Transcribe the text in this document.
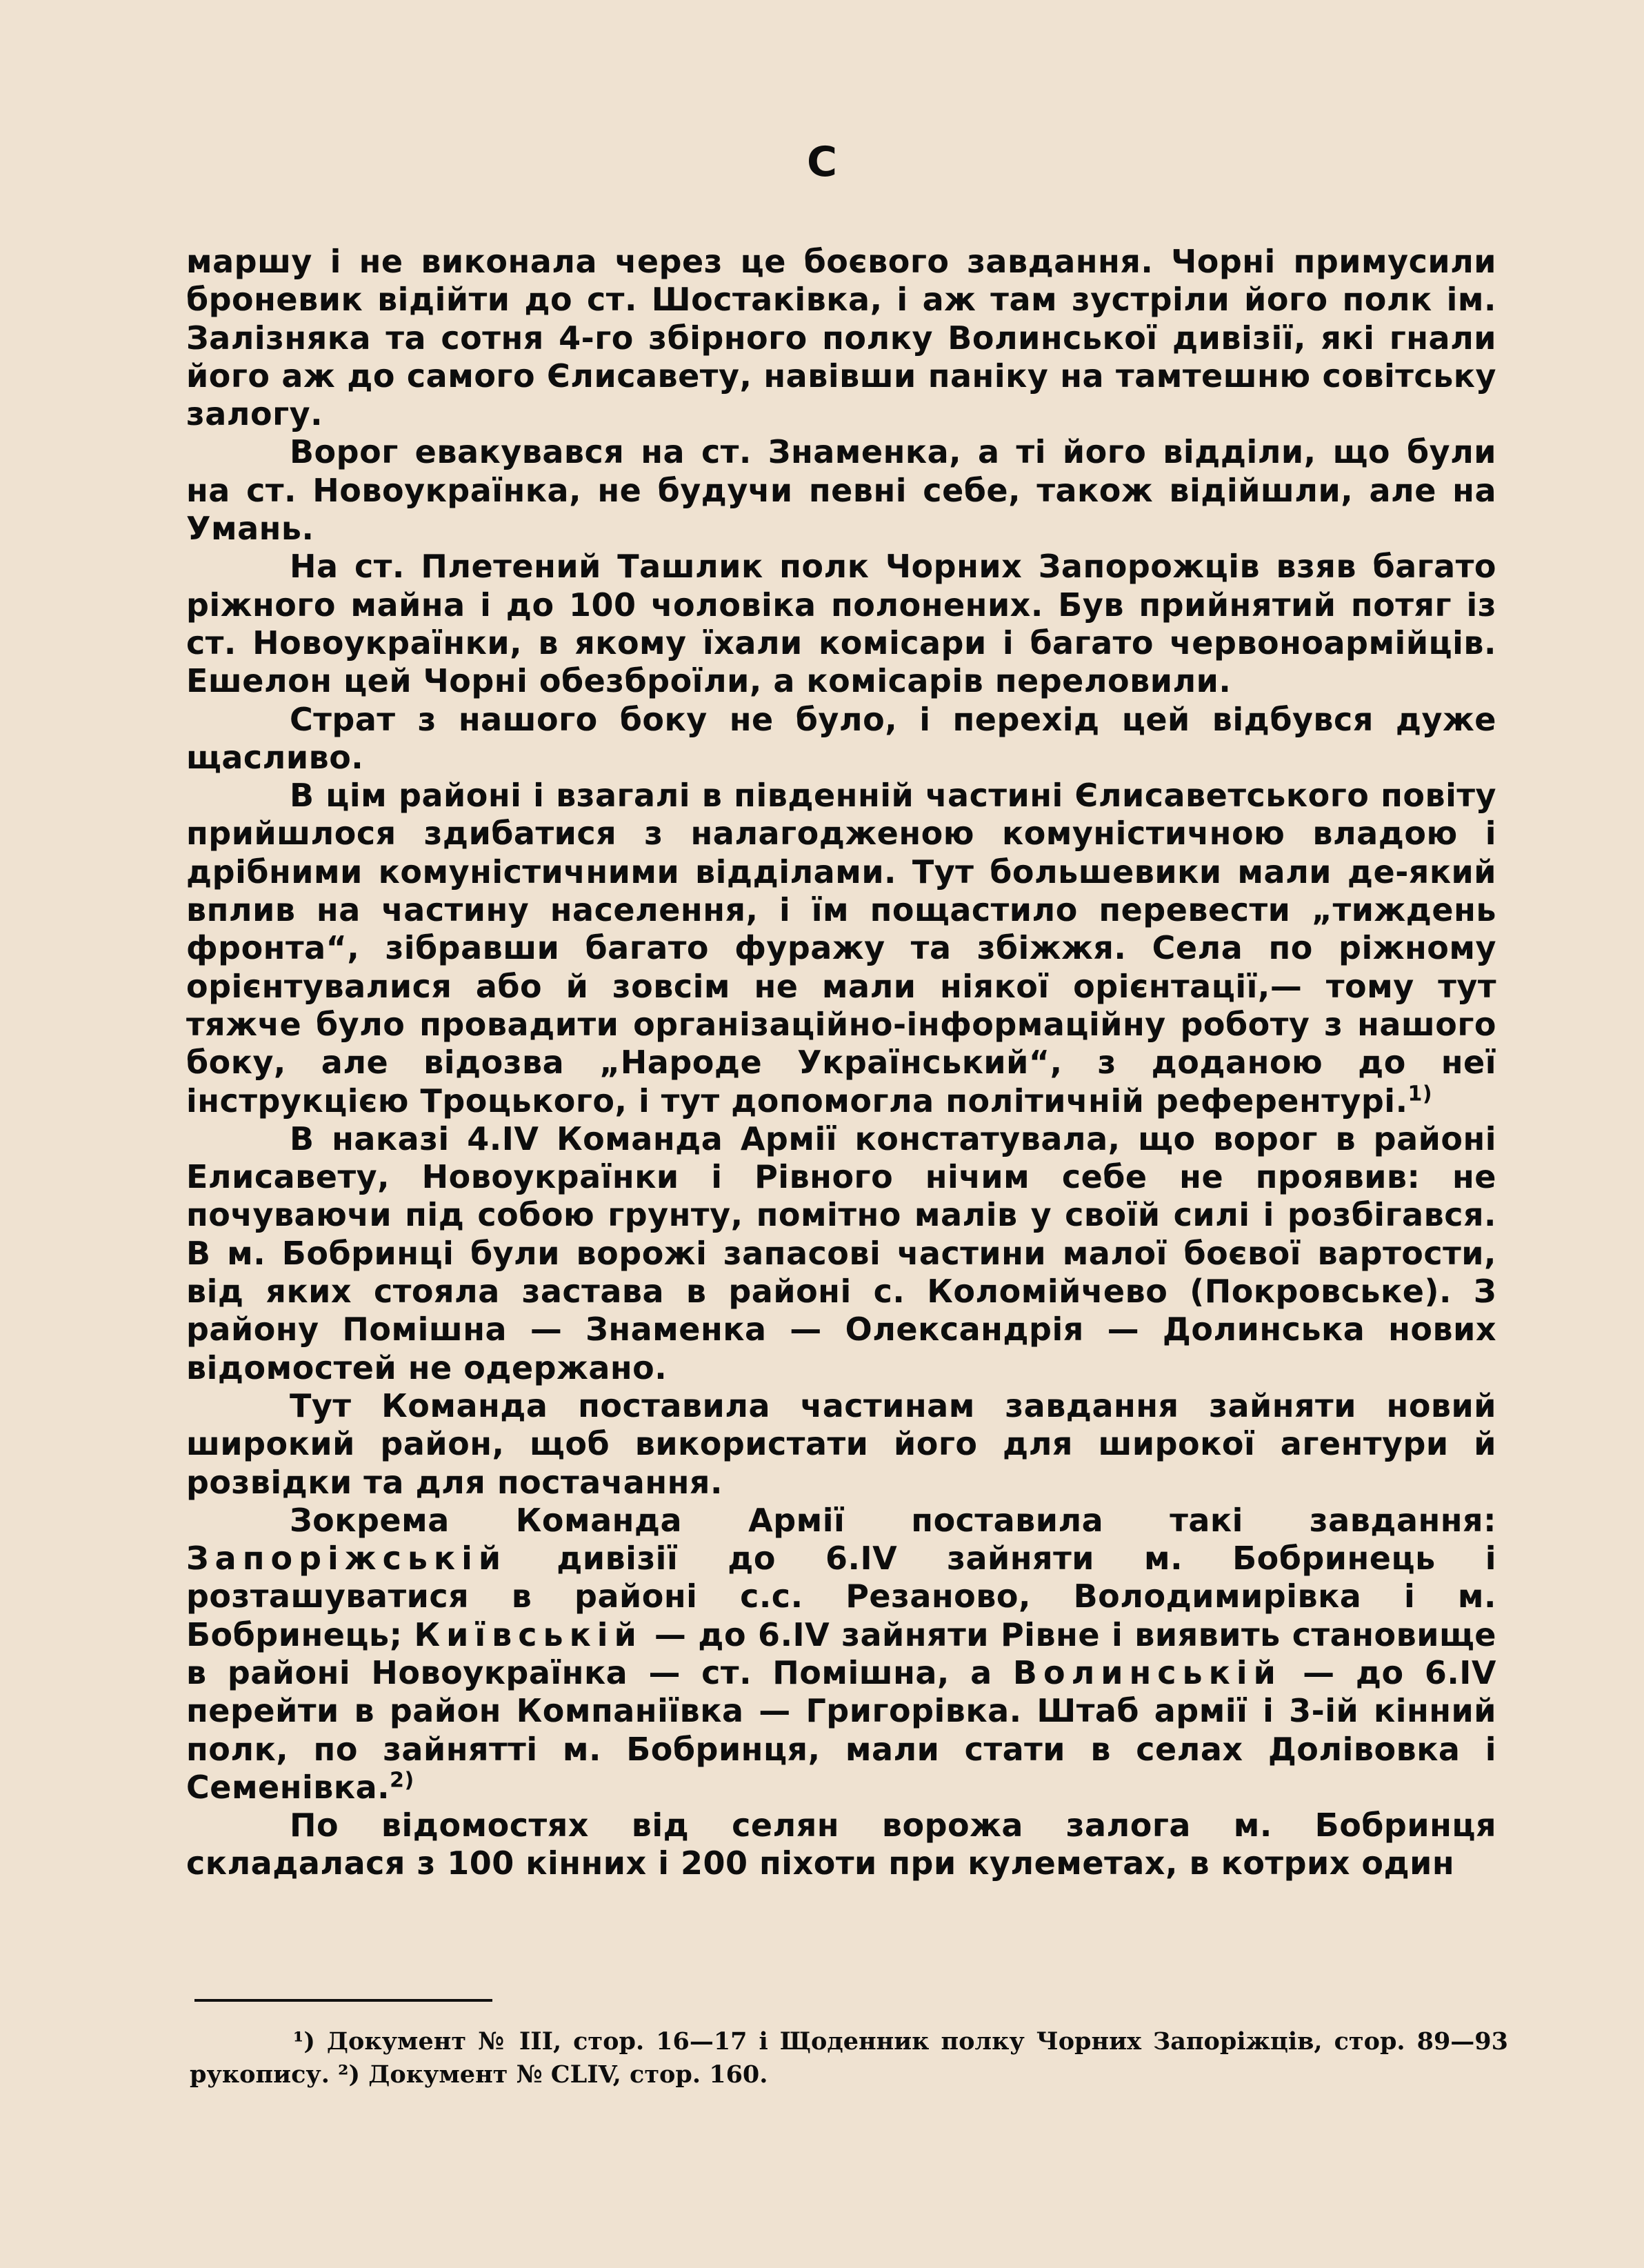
С

маршу і не виконала через це боєвого завдання. Чорні примусили броневик відійти до ст. Шостаківка, і аж там зустріли його полк ім. Залізняка та сотня 4-го збірного полку Волинської дивізії, які гнали його аж до самого Єлисавету, навівши паніку на тамтешню совітську залогу.

Ворог евакувався на ст. Знаменка, а ті його відділи, що були на ст. Новоукраїнка, не будучи певні себе, також відійшли, але на Умань.

На ст. Плетений Ташлик полк Чорних Запорожців взяв багато ріжного майна і до 100 чоловіка полонених. Був прийнятий потяг із ст. Новоукраїнки, в якому їхали комісари і багато червоноармійців. Ешелон цей Чорні обезброїли, а комісарів переловили.

Страт з нашого боку не було, і перехід цей відбувся дуже щасливо.

В цім районі і взагалі в південній частині Єлисаветського повіту прийшлося здибатися з налагодженою комуністичною владою і дрібними комуністичними відділами. Тут большевики мали де-який вплив на частину населення, і їм пощастило перевести „тиждень фронта“, зібравши багато фуражу та збіжжя. Села по ріжному орієнтувалися або й зовсім не мали ніякої орієнтації,— тому тут тяжче було провадити організаційно-інформаційну роботу з нашого боку, але відозва „Народе Український“, з доданою до неї інструкцією Троцького, і тут допомогла політичній референтурі.$^{1)}$

В наказі 4.IV Команда Армії констатувала, що ворог в районі Елисавету, Новоукраїнки і Рівного нічим себе не проявив: не почуваючи під собою грунту, помітно малів у своїй силі і розбігався. В м. Бобринці були ворожі запасові частини малої боєвої вартости, від яких стояла застава в районі с. Коломійчево (Покровське). З району Помішна — Знаменка — Олександрія — Долинська нових відомостей не одержано.

Тут Команда поставила частинам завдання зайняти новий широкий район, щоб використати його для широкої агентури й розвідки та для постачання.

Зокрема Команда Армії поставила такі завдання: Запоріжській дивізії до 6.IV зайняти м. Бобринець і розташуватися в районі с.с. Резаново, Володимирівка і м. Бобринець; Київській — до 6.IV зайняти Рівне і виявить становище в районі Новоукраїнка — ст. Помішна, а Волинській — до 6.IV перейти в район Компаніївка — Григорівка. Штаб армії і 3-ій кінний полк, по зайнятті м. Бобринця, мали стати в селах Долівовка і Семенівка.$^{2)}$

По відомостях від селян ворожа залога м. Бобринця складалася з 100 кінних і 200 піхоти при кулеметах, в котрих один

¹) Документ № III, стор. 16—17 і Щоденник полку Чорних Запоріжців, стор. 89—93 рукопису. ²) Документ № CLIV, стор. 160.
